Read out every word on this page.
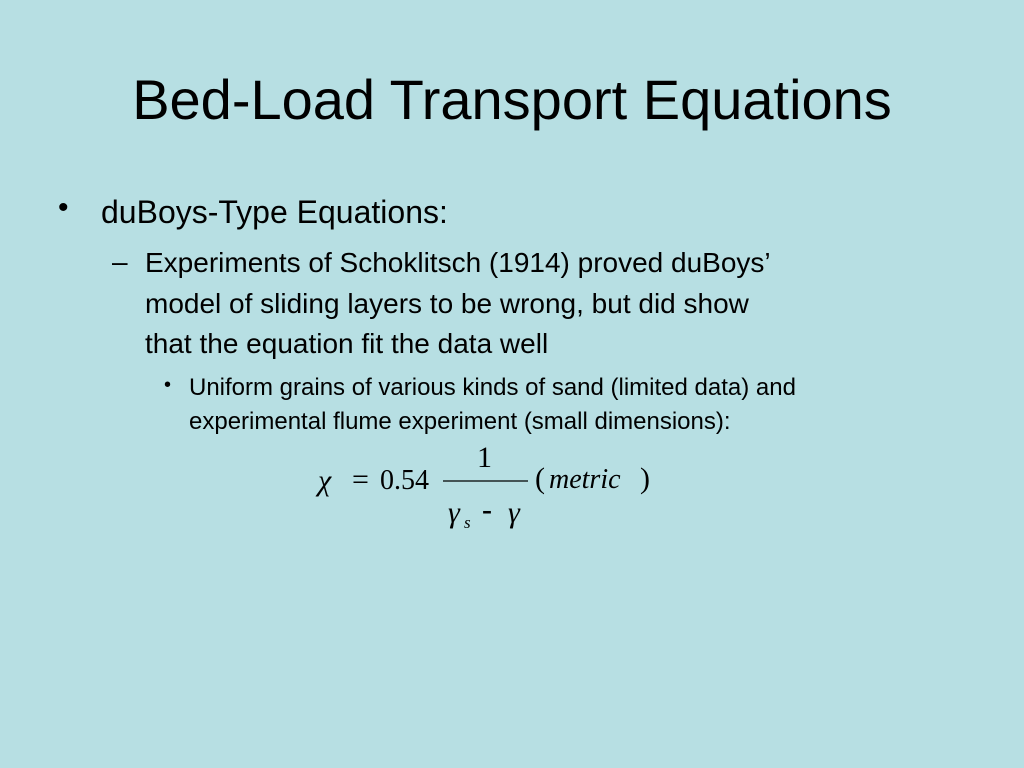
Bed-Load Transport Equations
• duBoys-Type Equations:
– Experiments of Schoklitsch (1914) proved duBoys’
model of sliding layers to be wrong, but did show
that the equation fit the data well
• Uniform grains of various kinds of sand (limited data) and
experimental flume experiment (small dimensions):
χ = 0.54
1
γ s - γ
( metric )
